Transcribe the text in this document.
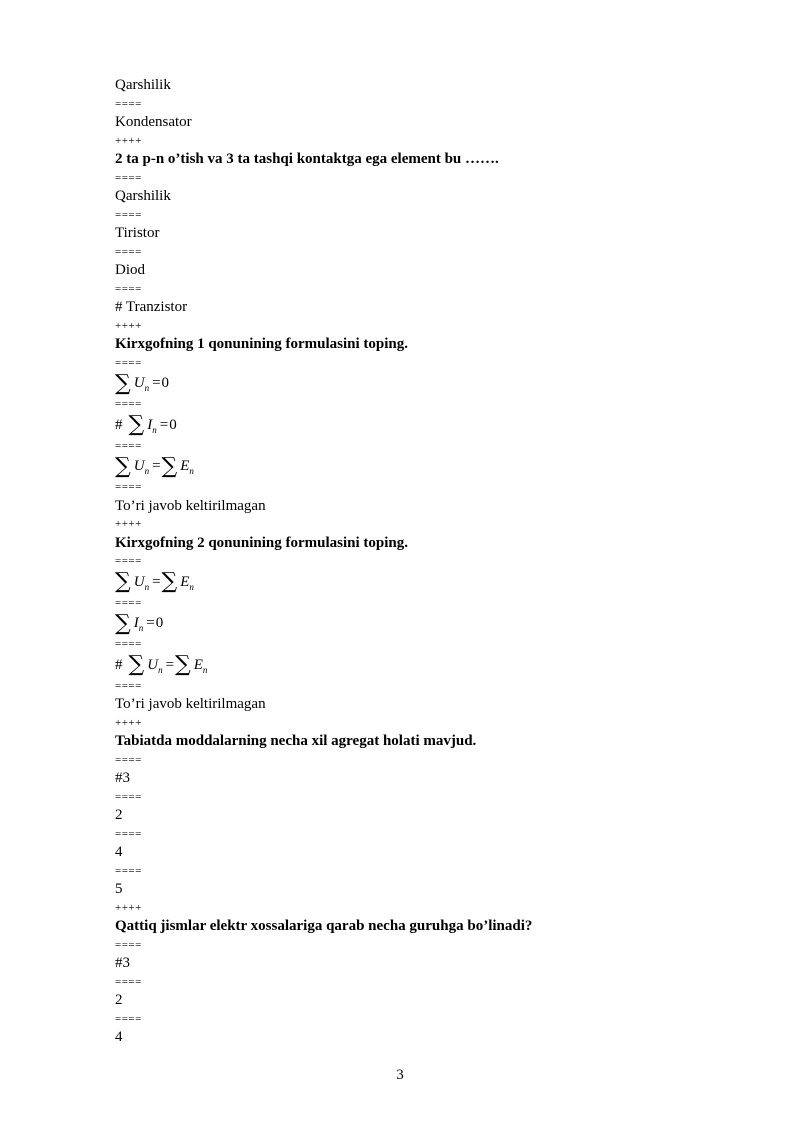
Qarshilik
====
Kondensator
++++
2 ta p-n o’tish va 3 ta tashqi kontaktga ega element bu …….
====
Qarshilik
====
Tiristor
====
Diod
====
# Tranzistor
++++
Kirxgofning 1 qonunining formulasini toping.
====
∑ U n = 0
====
# ∑ I n = 0
====
∑ U n = ∑ E n
====
To’ri javob keltirilmagan
++++
Kirxgofning 2 qonunining formulasini toping.
====
∑ U n = ∑ E n
====
∑ I n = 0
====
# ∑ U n = ∑ E n
====
To’ri javob keltirilmagan
++++
Tabiatda moddalarning necha xil agregat holati mavjud.
====
#3
====
2
====
4
====
5
++++
Qattiq jismlar elektr xossalariga qarab necha guruhga bo’linadi?
====
#3
====
2
====
4
3
